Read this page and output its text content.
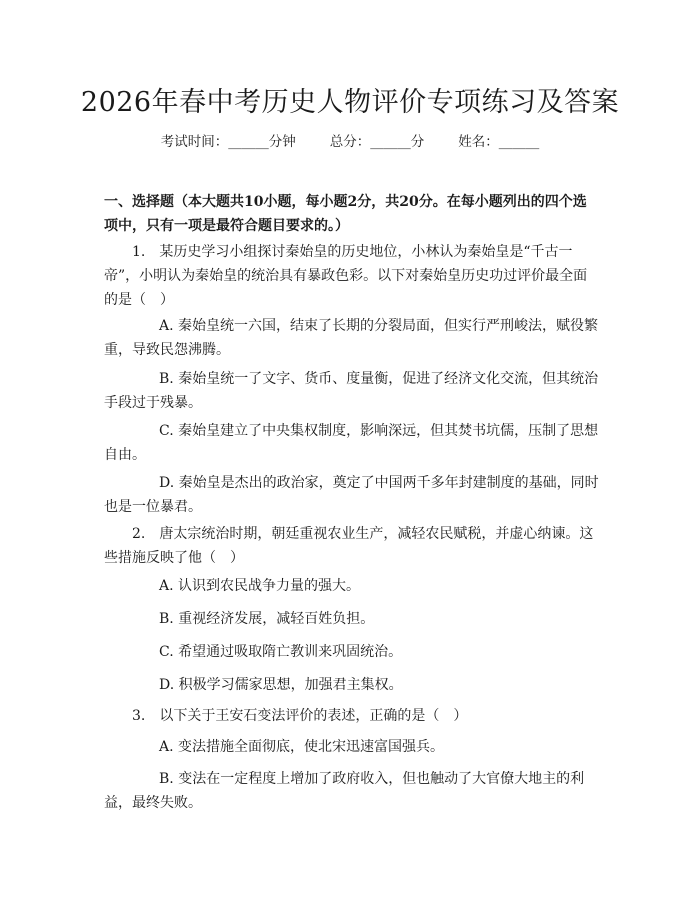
2026年春中考历史人物评价专项练习及答案
考试时间：______分钟	总分：______分	姓名：______
一、选择题（本大题共10小题，每小题2分，共20分。在每小题列出的四个选项中，只有一项是最符合题目要求的。）
1.　某历史学习小组探讨秦始皇的历史地位，小林认为秦始皇是“千古一帝”，小明认为秦始皇的统治具有暴政色彩。以下对秦始皇历史功过评价最全面的是（　）
A. 秦始皇统一六国，结束了长期的分裂局面，但实行严刑峻法，赋役繁重，导致民怨沸腾。
B. 秦始皇统一了文字、货币、度量衡，促进了经济文化交流，但其统治手段过于残暴。
C. 秦始皇建立了中央集权制度，影响深远，但其焚书坑儒，压制了思想自由。
D. 秦始皇是杰出的政治家，奠定了中国两千多年封建制度的基础，同时也是一位暴君。
2.　唐太宗统治时期，朝廷重视农业生产，减轻农民赋税，并虚心纳谏。这些措施反映了他（　）
A. 认识到农民战争力量的强大。
B. 重视经济发展，减轻百姓负担。
C. 希望通过吸取隋亡教训来巩固统治。
D. 积极学习儒家思想，加强君主集权。
3.　以下关于王安石变法评价的表述，正确的是（　）
A. 变法措施全面彻底，使北宋迅速富国强兵。
B. 变法在一定程度上增加了政府收入，但也触动了大官僚大地主的利益，最终失败。
